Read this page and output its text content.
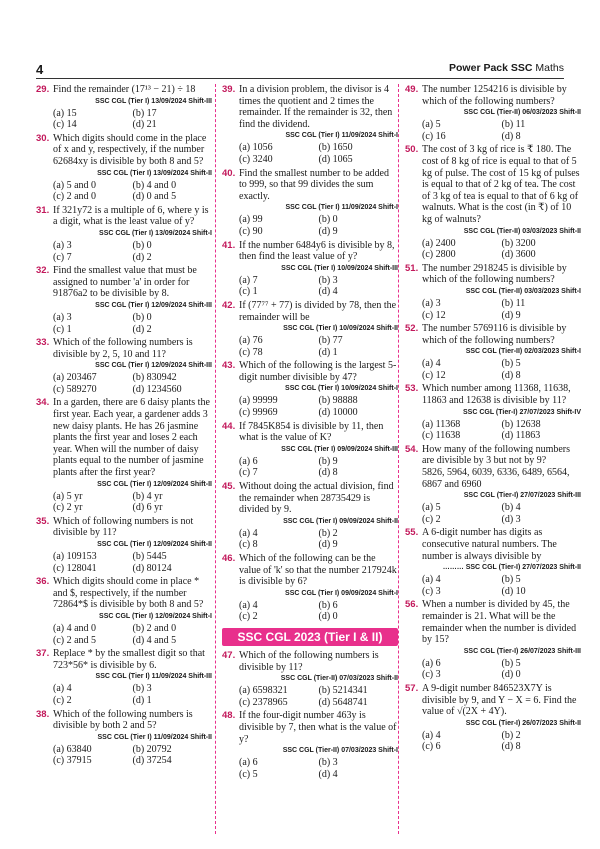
4	Power Pack SSC Maths
29. Find the remainder (17¹³ − 21) ÷ 18
SSC CGL (Tier I) 13/09/2024 Shift-III
(a) 15	(b) 17
(c) 14	(d) 21
30. Which digits should come in the place of x and y, respectively, if the number 62684xy is divisible by both 8 and 5?
SSC CGL (Tier I) 13/09/2024 Shift-II
(a) 5 and 0	(b) 4 and 0
(c) 2 and 0	(d) 0 and 5
31. If 321y72 is a multiple of 6, where y is a digit, what is the least value of y?
SSC CGL (Tier I) 13/09/2024 Shift-I
(a) 3	(b) 0
(c) 7	(d) 2
32. Find the smallest value that must be assigned to number 'a' in order for 91876a2 to be divisible by 8.
SSC CGL (Tier I) 12/09/2024 Shift-III
(a) 3	(b) 0
(c) 1	(d) 2
33. Which of the following numbers is divisible by 2, 5, 10 and 11?
SSC CGL (Tier I) 12/09/2024 Shift-III
(a) 203467	(b) 830942
(c) 589270	(d) 1234560
34. In a garden, there are 6 daisy plants the first year. Each year, a gardener adds 3 new daisy plants. He has 26 jasmine plants the first year and loses 2 each year. When will the number of daisy plants equal to the number of jasmine plants after the first year?
SSC CGL (Tier I) 12/09/2024 Shift-II
(a) 5 yr	(b) 4 yr
(c) 2 yr	(d) 6 yr
35. Which of following numbers is not divisible by 11?
SSC CGL (Tier I) 12/09/2024 Shift-II
(a) 109153	(b) 5445
(c) 128041	(d) 80124
36. Which digits should come in place * and $, respectively, if the number 72864*$ is divisible by both 8 and 5?
SSC CGL (Tier I) 12/09/2024 Shift-I
(a) 4 and 0	(b) 2 and 0
(c) 2 and 5	(d) 4 and 5
37. Replace * by the smallest digit so that 723*56* is divisible by 6.
SSC CGL (Tier I) 11/09/2024 Shift-III
(a) 4	(b) 3
(c) 2	(d) 1
38. Which of the following numbers is divisible by both 2 and 5?
SSC CGL (Tier I) 11/09/2024 Shift-II
(a) 63840	(b) 20792
(c) 37915	(d) 37254
39. In a division problem, the divisor is 4 times the quotient and 2 times the remainder. If the remainder is 32, then find the dividend.
SSC CGL (Tier I) 11/09/2024 Shift-I
(a) 1056	(b) 1650
(c) 3240	(d) 1065
40. Find the smallest number to be added to 999, so that 99 divides the sum exactly.
SSC CGL (Tier I) 11/09/2024 Shift-I
(a) 99	(b) 0
(c) 90	(d) 9
41. If the number 6484y6 is divisible by 8, then find the least value of y?
SSC CGL (Tier I) 10/09/2024 Shift-III
(a) 7	(b) 3
(c) 1	(d) 4
42. If (77⁷⁷ + 77) is divided by 78, then the remainder will be
SSC CGL (Tier I) 10/09/2024 Shift-II
(a) 76	(b) 77
(c) 78	(d) 1
43. Which of the following is the largest 5-digit number divisible by 47?
SSC CGL (Tier I) 10/09/2024 Shift-I
(a) 99999	(b) 98888
(c) 99969	(d) 10000
44. If 7845K854 is divisible by 11, then what is the value of K?
SSC CGL (Tier I) 09/09/2024 Shift-III
(a) 6	(b) 9
(c) 7	(d) 8
45. Without doing the actual division, find the remainder when 28735429 is divided by 9.
SSC CGL (Tier I) 09/09/2024 Shift-II
(a) 4	(b) 2
(c) 8	(d) 9
46. Which of the following can be the value of 'k' so that the number 217924k is divisible by 6?
SSC CGL (Tier I) 09/09/2024 Shift-I
(a) 4	(b) 6
(c) 2	(d) 0
SSC CGL 2023 (Tier I & II)
47. Which of the following numbers is divisible by 11?
SSC CGL (Tier-II) 07/03/2023 Shift-II
(a) 6598321	(b) 5214341
(c) 2378965	(d) 5648741
48. If the four-digit number 463y is divisible by 7, then what is the value of y?
SSC CGL (Tier-II) 07/03/2023 Shift-I
(a) 6	(b) 3
(c) 5	(d) 4
49. The number 1254216 is divisible by which of the following numbers?
SSC CGL (Tier-II) 06/03/2023 Shift-II
(a) 5	(b) 11
(c) 16	(d) 8
50. The cost of 3 kg of rice is ₹ 180. The cost of 8 kg of rice is equal to that of 5 kg of pulse. The cost of 15 kg of pulses is equal to that of 2 kg of tea. The cost of 3 kg of tea is equal to that of 6 kg of walnuts. What is the cost (in ₹) of 10 kg of walnuts?
SSC CGL (Tier-II) 03/03/2023 Shift-II
(a) 2400	(b) 3200
(c) 2800	(d) 3600
51. The number 2918245 is divisible by which of the following numbers?
SSC CGL (Tier-II) 03/03/2023 Shift-I
(a) 3	(b) 11
(c) 12	(d) 9
52. The number 5769116 is divisible by which of the following numbers?
SSC CGL (Tier-II) 02/03/2023 Shift-I
(a) 4	(b) 5
(c) 12	(d) 8
53. Which number among 11368, 11638, 11863 and 12638 is divisible by 11?
SSC CGL (Tier-I) 27/07/2023 Shift-IV
(a) 11368	(b) 12638
(c) 11638	(d) 11863
54. How many of the following numbers are divisible by 3 but not by 9?
5826, 5964, 6039, 6336, 6489, 6564, 6867 and 6960
SSC CGL (Tier-I) 27/07/2023 Shift-III
(a) 5	(b) 4
(c) 2	(d) 3
55. A 6-digit number has digits as consecutive natural numbers. The number is always divisible by
……… SSC CGL (Tier-I) 27/07/2023 Shift-II
(a) 4	(b) 5
(c) 3	(d) 10
56. When a number is divided by 45, the remainder is 21. What will be the remainder when the number is divided by 15?
SSC CGL (Tier-I) 26/07/2023 Shift-III
(a) 6	(b) 5
(c) 3	(d) 0
57. A 9-digit number 846523X7Y is divisible by 9, and Y − X = 6. Find the value of √(2X + 4Y).
SSC CGL (Tier-I) 26/07/2023 Shift-II
(a) 4	(b) 2
(c) 6	(d) 8
